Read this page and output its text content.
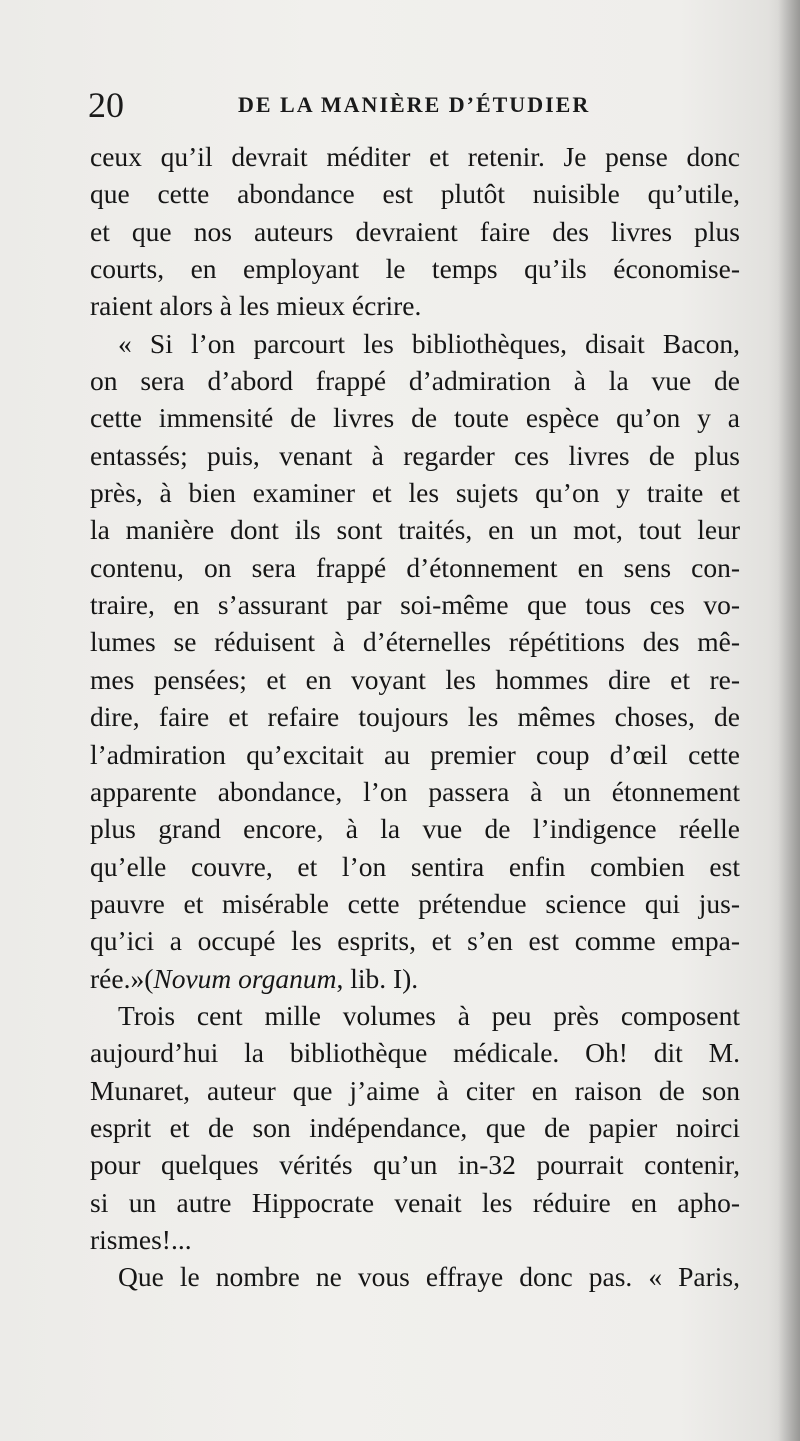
20	DE LA MANIÈRE D’ÉTUDIER
ceux qu’il devrait méditer et retenir. Je pense donc
que cette abondance est plutôt nuisible qu’utile,
et que nos auteurs devraient faire des livres plus
courts, en employant le temps qu’ils économise-
raient alors à les mieux écrire.
« Si l’on parcourt les bibliothèques, disait Bacon,
on sera d’abord frappé d’admiration à la vue de
cette immensité de livres de toute espèce qu’on y a
entassés; puis, venant à regarder ces livres de plus
près, à bien examiner et les sujets qu’on y traite et
la manière dont ils sont traités, en un mot, tout leur
contenu, on sera frappé d’étonnement en sens con-
traire, en s’assurant par soi-même que tous ces vo-
lumes se réduisent à d’éternelles répétitions des mê-
mes pensées; et en voyant les hommes dire et re-
dire, faire et refaire toujours les mêmes choses, de
l’admiration qu’excitait au premier coup d’œil cette
apparente abondance, l’on passera à un étonnement
plus grand encore, à la vue de l’indigence réelle
qu’elle couvre, et l’on sentira enfin combien est
pauvre et misérable cette prétendue science qui jus-
qu’ici a occupé les esprits, et s’en est comme empa-
rée.»(Novum organum, lib. I).
Trois cent mille volumes à peu près composent
aujourd’hui la bibliothèque médicale. Oh! dit M.
Munaret, auteur que j’aime à citer en raison de son
esprit et de son indépendance, que de papier noirci
pour quelques vérités qu’un in-32 pourrait contenir,
si un autre Hippocrate venait les réduire en apho-
rismes!...
Que le nombre ne vous effraye donc pas. « Paris,
